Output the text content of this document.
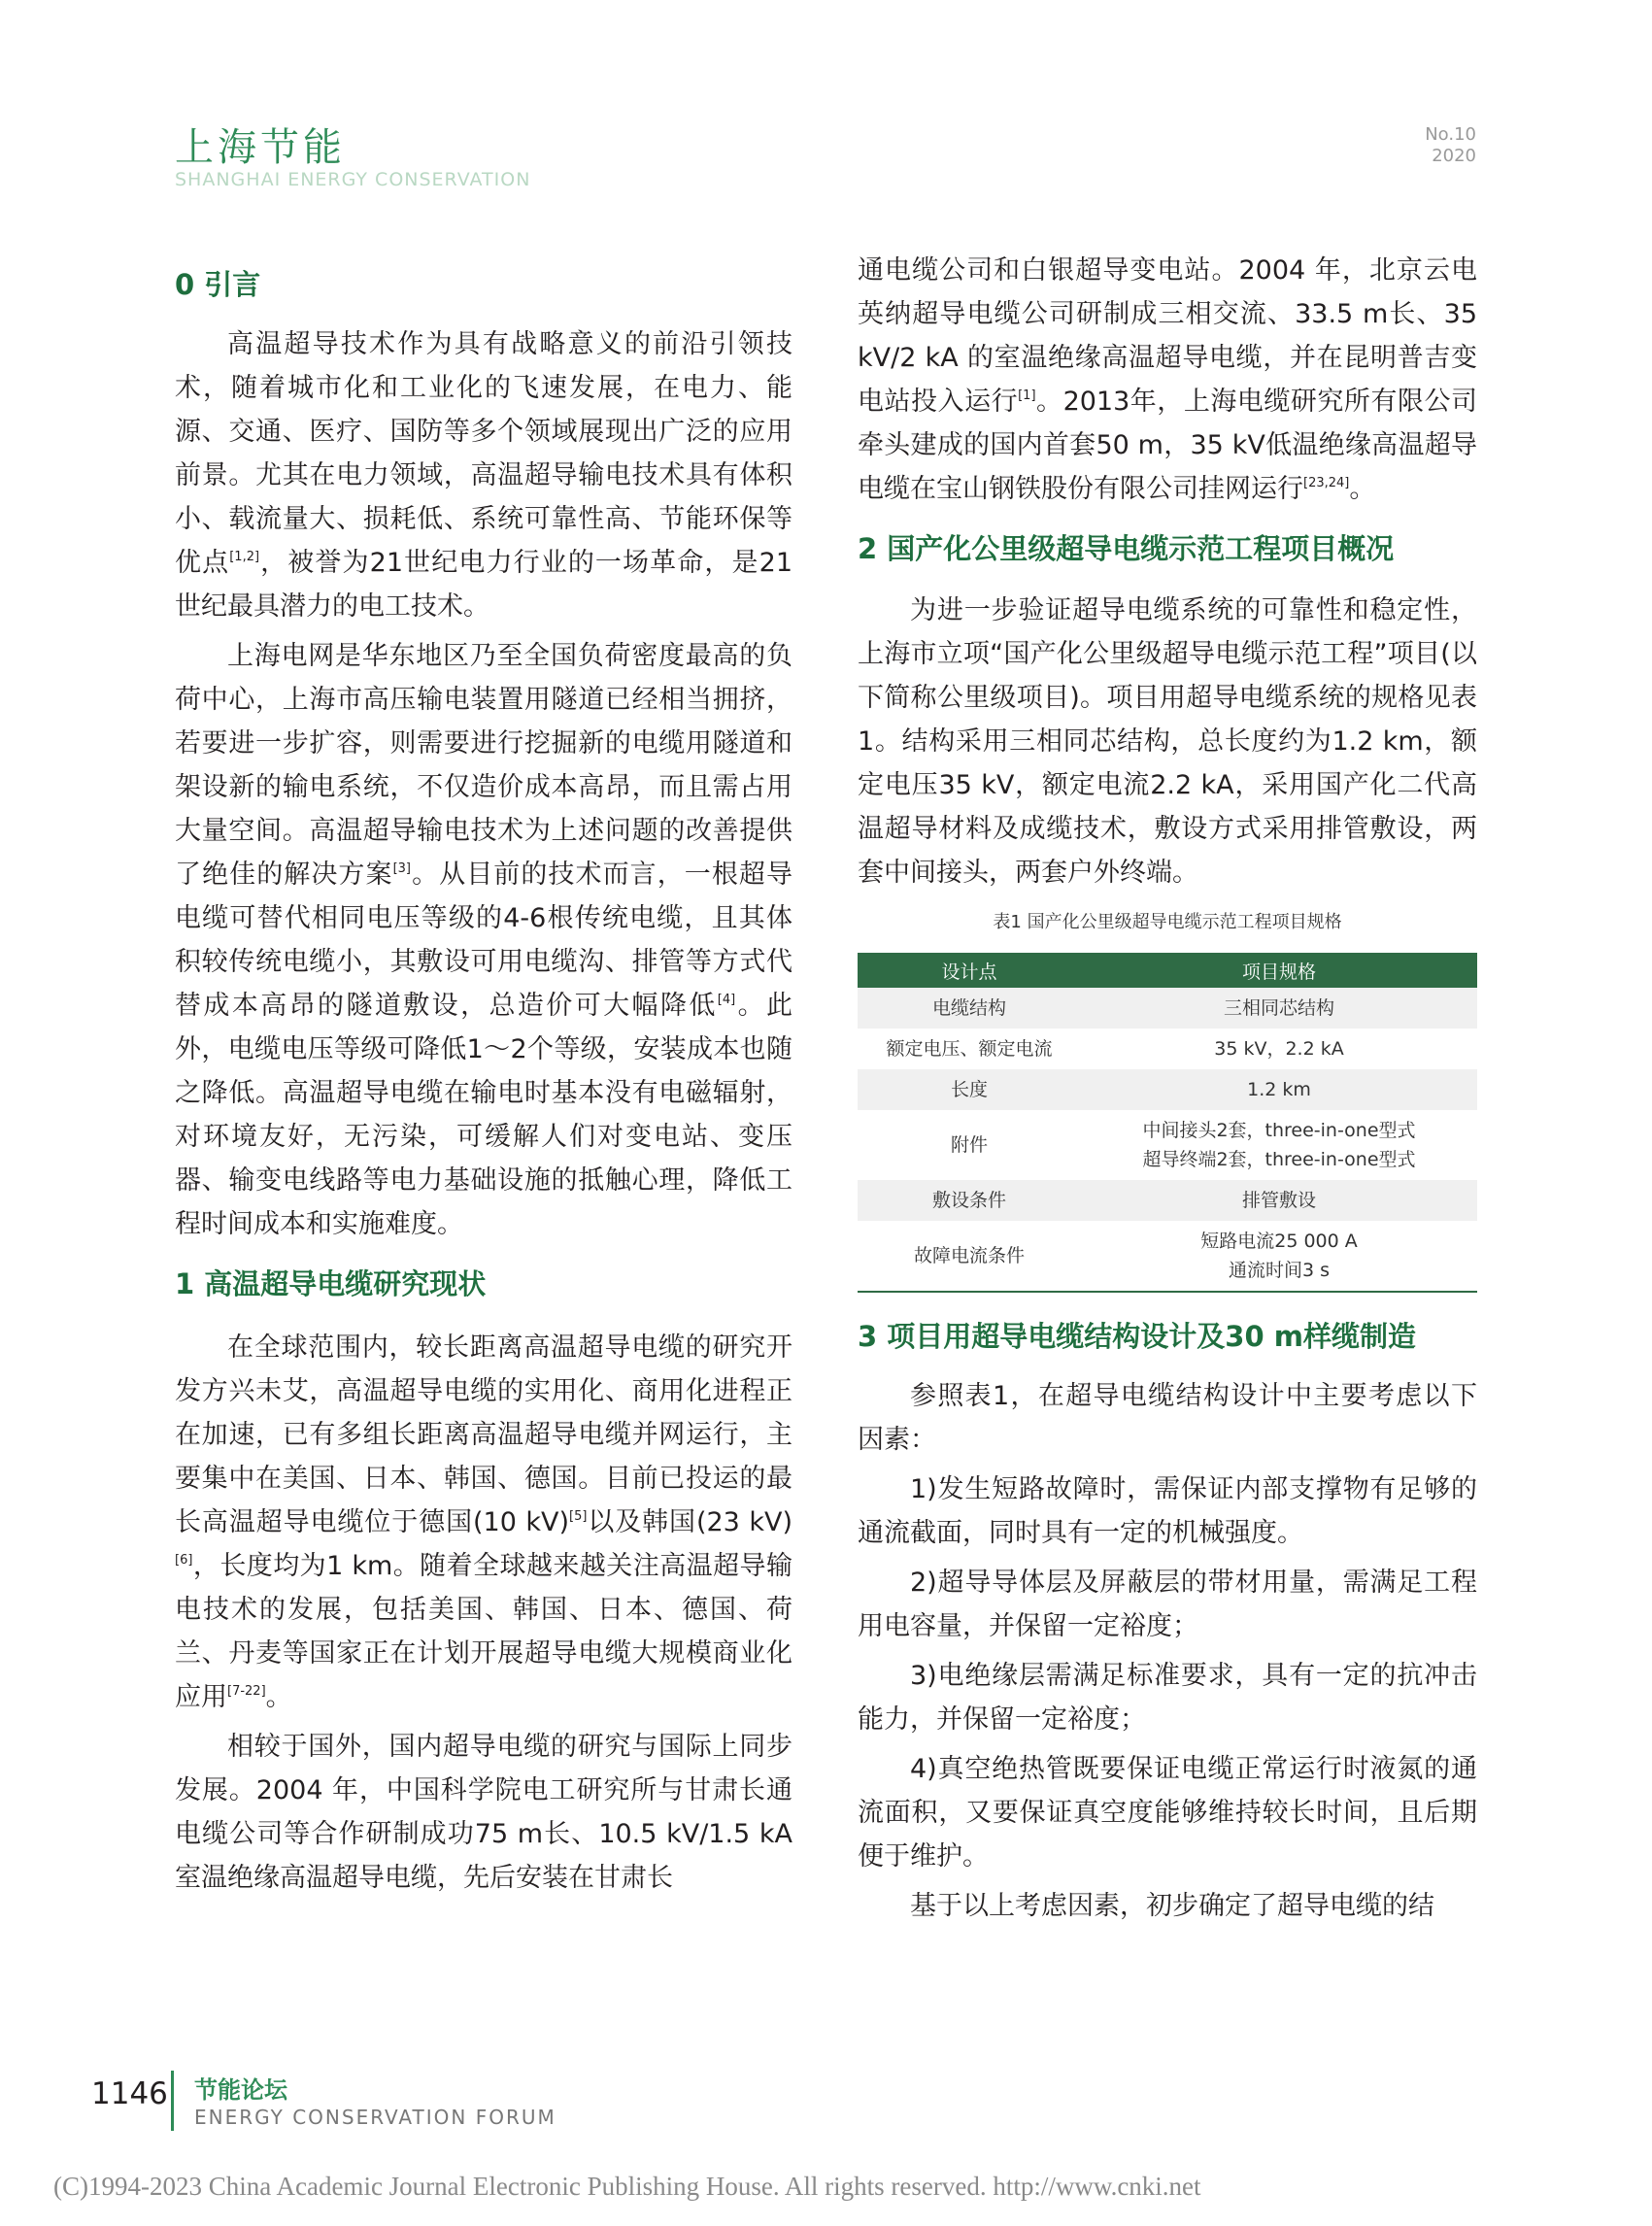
上海节能
SHANGHAI ENERGY CONSERVATION
No.10
2020

0 引言

高温超导技术作为具有战略意义的前沿引领技术，随着城市化和工业化的飞速发展，在电力、能源、交通、医疗、国防等多个领域展现出广泛的应用前景。尤其在电力领域，高温超导输电技术具有体积小、载流量大、损耗低、系统可靠性高、节能环保等优点[1,2]，被誉为21世纪电力行业的一场革命，是21世纪最具潜力的电工技术。

上海电网是华东地区乃至全国负荷密度最高的负荷中心，上海市高压输电装置用隧道已经相当拥挤，若要进一步扩容，则需要进行挖掘新的电缆用隧道和架设新的输电系统，不仅造价成本高昂，而且需占用大量空间。高温超导输电技术为上述问题的改善提供了绝佳的解决方案[3]。从目前的技术而言，一根超导电缆可替代相同电压等级的4-6根传统电缆，且其体积较传统电缆小，其敷设可用电缆沟、排管等方式代替成本高昂的隧道敷设，总造价可大幅降低[4]。此外，电缆电压等级可降低1～2个等级，安装成本也随之降低。高温超导电缆在输电时基本没有电磁辐射，对环境友好，无污染，可缓解人们对变电站、变压器、输变电线路等电力基础设施的抵触心理，降低工程时间成本和实施难度。

1 高温超导电缆研究现状

在全球范围内，较长距离高温超导电缆的研究开发方兴未艾，高温超导电缆的实用化、商用化进程正在加速，已有多组长距离高温超导电缆并网运行，主要集中在美国、日本、韩国、德国。目前已投运的最长高温超导电缆位于德国(10 kV)[5]以及韩国(23 kV)[6]，长度均为1 km。随着全球越来越关注高温超导输电技术的发展，包括美国、韩国、日本、德国、荷兰、丹麦等国家正在计划开展超导电缆大规模商业化应用[7-22]。

相较于国外，国内超导电缆的研究与国际上同步发展。2004 年，中国科学院电工研究所与甘肃长通电缆公司等合作研制成功75 m长、10.5 kV/1.5 kA 室温绝缘高温超导电缆，先后安装在甘肃长

通电缆公司和白银超导变电站。2004 年，北京云电英纳超导电缆公司研制成三相交流、33.5 m长、35 kV/2 kA 的室温绝缘高温超导电缆，并在昆明普吉变电站投入运行[1]。2013年，上海电缆研究所有限公司牵头建成的国内首套50 m，35 kV低温绝缘高温超导电缆在宝山钢铁股份有限公司挂网运行[23,24]。

2 国产化公里级超导电缆示范工程项目概况

为进一步验证超导电缆系统的可靠性和稳定性，上海市立项“国产化公里级超导电缆示范工程”项目(以下简称公里级项目)。项目用超导电缆系统的规格见表1。结构采用三相同芯结构，总长度约为1.2 km，额定电压35 kV，额定电流2.2 kA，采用国产化二代高温超导材料及成缆技术，敷设方式采用排管敷设，两套中间接头，两套户外终端。

表1 国产化公里级超导电缆示范工程项目规格
设计点	项目规格
电缆结构	三相同芯结构
额定电压、额定电流	35 kV，2.2 kA
长度	1.2 km
附件	中间接头2套，three-in-one型式
超导终端2套，three-in-one型式

敷设条件	排管敷设
故障电流条件	短路电流25 000 A
通流时间3 s

3 项目用超导电缆结构设计及30 m样缆制造

参照表1，在超导电缆结构设计中主要考虑以下因素：

1)发生短路故障时，需保证内部支撑物有足够的通流截面，同时具有一定的机械强度。

2)超导导体层及屏蔽层的带材用量，需满足工程用电容量，并保留一定裕度；

3)电绝缘层需满足标准要求，具有一定的抗冲击能力，并保留一定裕度；

4)真空绝热管既要保证电缆正常运行时液氮的通流面积，又要保证真空度能够维持较长时间，且后期便于维护。

基于以上考虑因素，初步确定了超导电缆的结

1146 节能论坛
ENERGY CONSERVATION FORUM
(C)1994-2023 China Academic Journal Electronic Publishing House. All rights reserved. http://www.cnki.net
